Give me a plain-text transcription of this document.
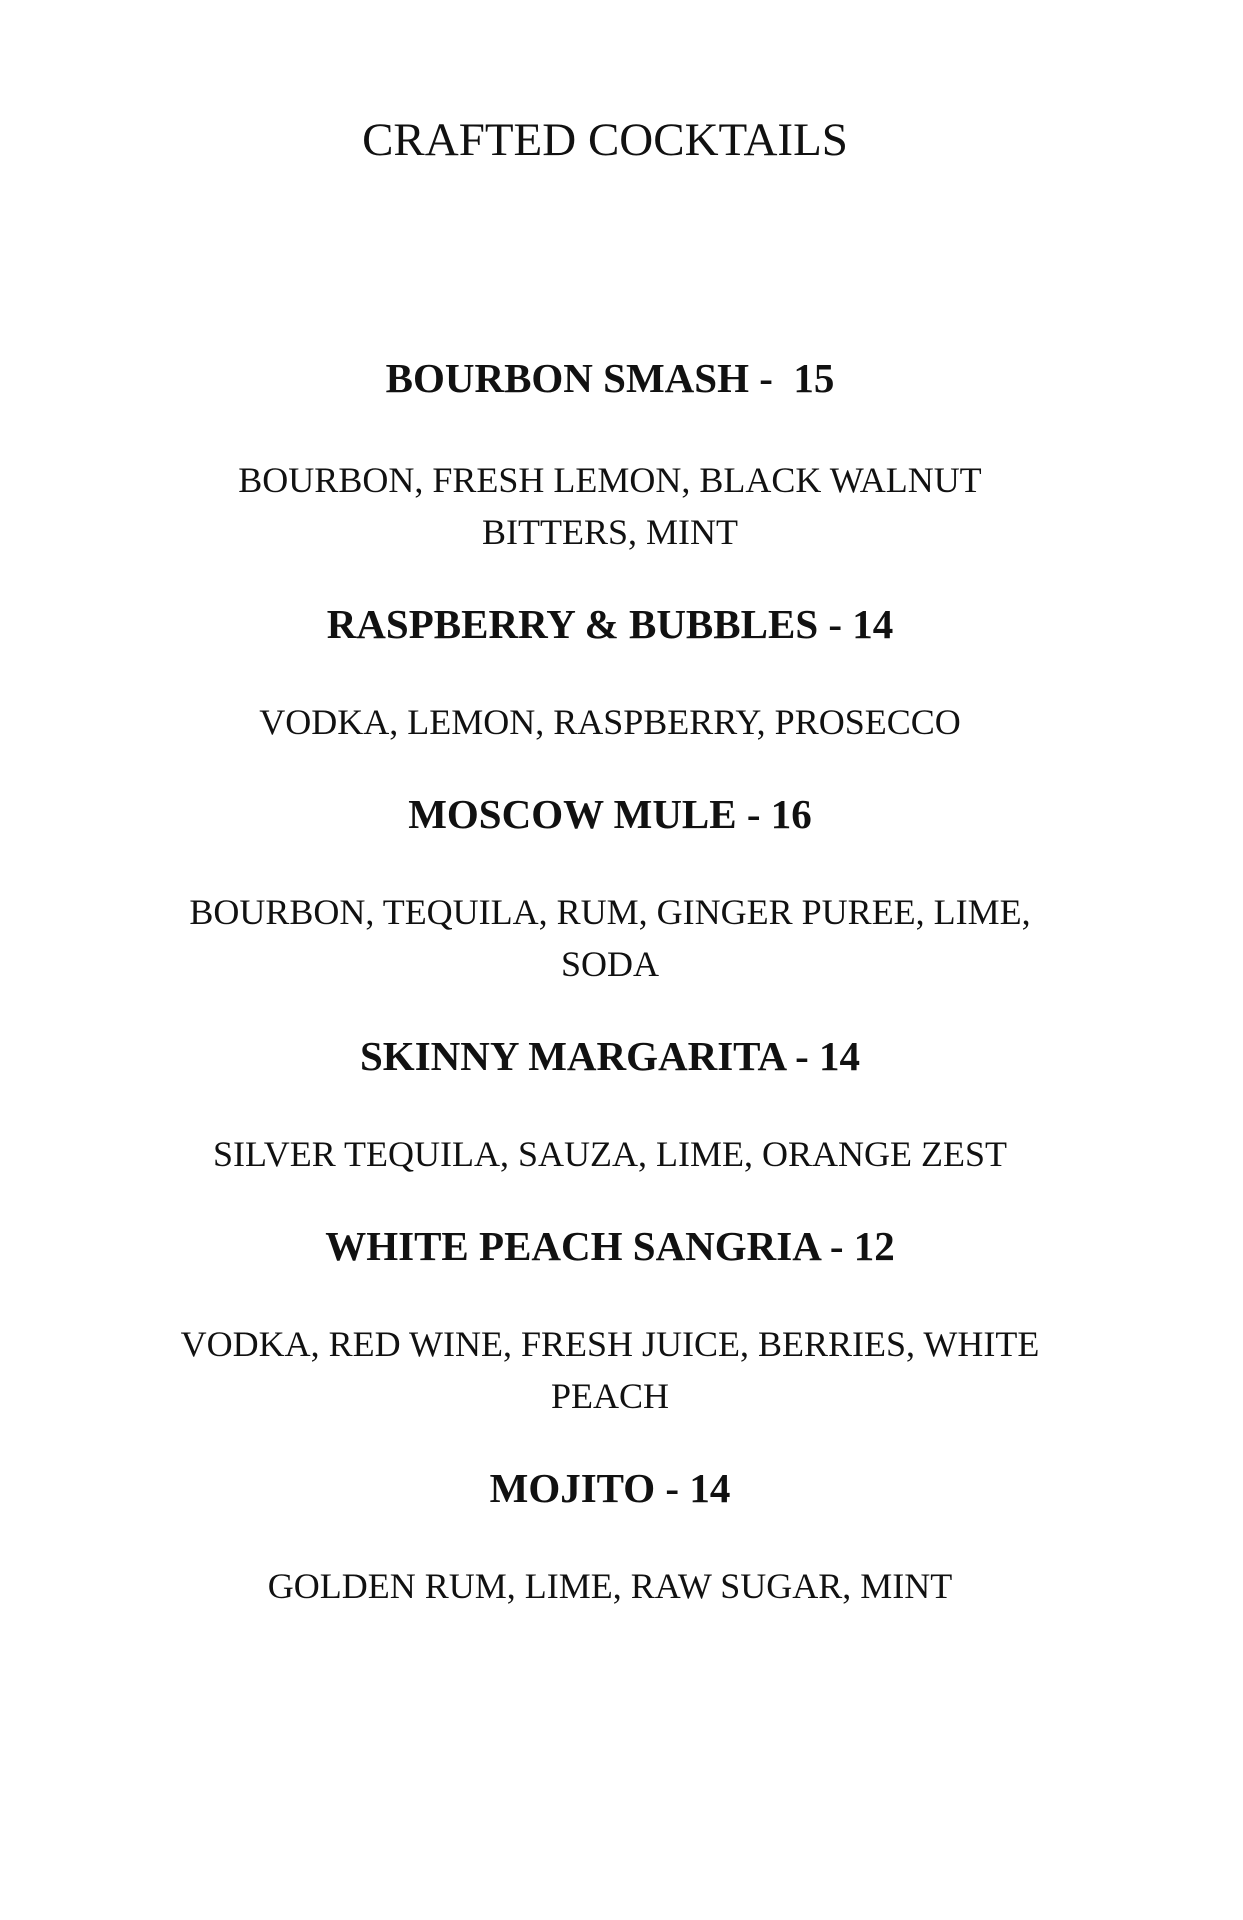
CRAFTED COCKTAILS
BOURBON SMASH -  15

BOURBON, FRESH LEMON, BLACK WALNUT BITTERS, MINT

RASPBERRY & BUBBLES - 14

VODKA, LEMON, RASPBERRY, PROSECCO

MOSCOW MULE - 16

BOURBON, TEQUILA, RUM, GINGER PUREE, LIME, SODA

SKINNY MARGARITA - 14

SILVER TEQUILA, SAUZA, LIME, ORANGE ZEST

WHITE PEACH SANGRIA - 12

VODKA, RED WINE, FRESH JUICE, BERRIES, WHITE PEACH

MOJITO - 14

GOLDEN RUM, LIME, RAW SUGAR, MINT
